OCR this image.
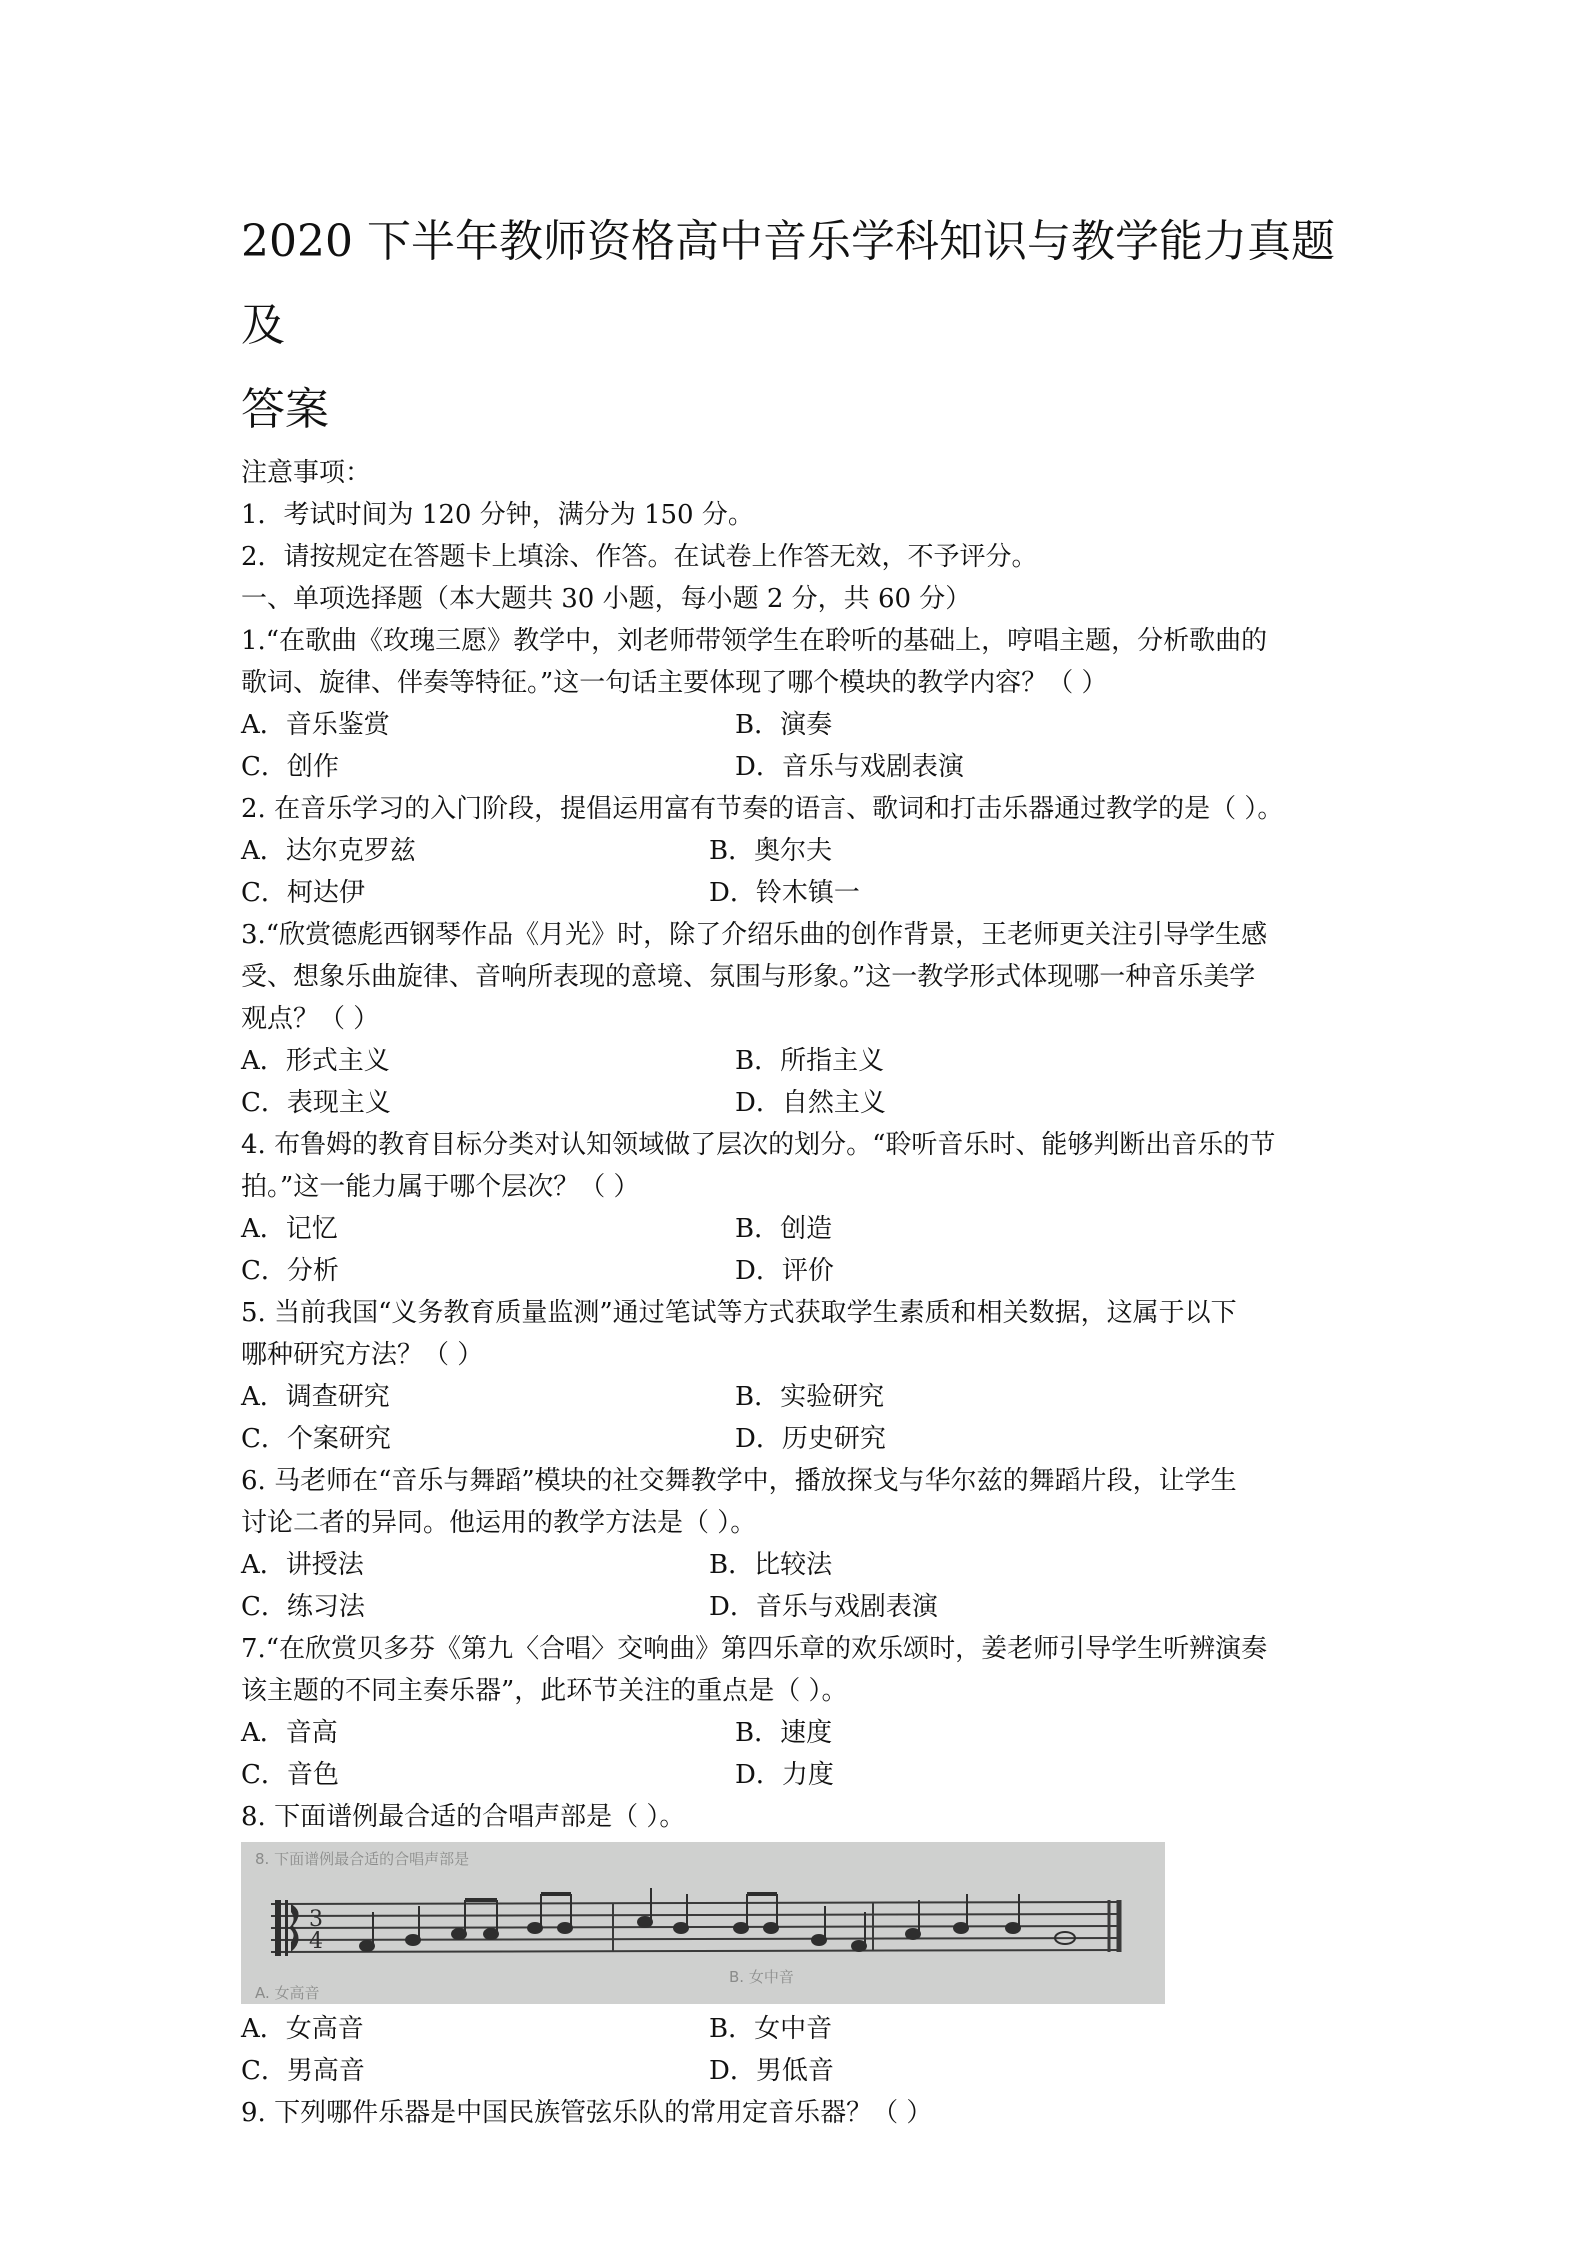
2020 下半年教师资格高中音乐学科知识与教学能力真题及
答案
注意事项：
1．考试时间为 120 分钟，满分为 150 分。
2．请按规定在答题卡上填涂、作答。在试卷上作答无效，不予评分。
一、单项选择题（本大题共 30 小题，每小题 2 分，共 60 分）
1.“在歌曲《玫瑰三愿》教学中，刘老师带领学生在聆听的基础上，哼唱主题，分析歌曲的
歌词、旋律、伴奏等特征。”这一句话主要体现了哪个模块的教学内容？（ ）
A．音乐鉴赏	B．演奏
C．创作	D．音乐与戏剧表演
2. 在音乐学习的入门阶段，提倡运用富有节奏的语言、歌词和打击乐器通过教学的是（ ）。
A．达尔克罗兹	B．奥尔夫
C．柯达伊	D．铃木镇一
3.“欣赏德彪西钢琴作品《月光》时，除了介绍乐曲的创作背景，王老师更关注引导学生感
受、想象乐曲旋律、音响所表现的意境、氛围与形象。”这一教学形式体现哪一种音乐美学
观点？（ ）
A．形式主义	B．所指主义
C．表现主义	D．自然主义
4. 布鲁姆的教育目标分类对认知领域做了层次的划分。“聆听音乐时、能够判断出音乐的节
拍。”这一能力属于哪个层次？（ ）
A．记忆	B．创造
C．分析	D．评价
5. 当前我国“义务教育质量监测”通过笔试等方式获取学生素质和相关数据，这属于以下
哪种研究方法？（ ）
A．调查研究	B．实验研究
C．个案研究	D．历史研究
6. 马老师在“音乐与舞蹈”模块的社交舞教学中，播放探戈与华尔兹的舞蹈片段，让学生
讨论二者的异同。他运用的教学方法是（ ）。
A．讲授法	B．比较法
C．练习法	D．音乐与戏剧表演
7.“在欣赏贝多芬《第九〈合唱〉交响曲》第四乐章的欢乐颂时，姜老师引导学生听辨演奏
该主题的不同主奏乐器”，此环节关注的重点是（ ）。
A．音高	B．速度
C．音色	D．力度
8. 下面谱例最合适的合唱声部是（ ）。
8. 下面谱例最合适的合唱声部是
3
4
B. 女中音
A. 女高音
A．女高音	B．女中音
C．男高音	D．男低音
9. 下列哪件乐器是中国民族管弦乐队的常用定音乐器？（ ）
